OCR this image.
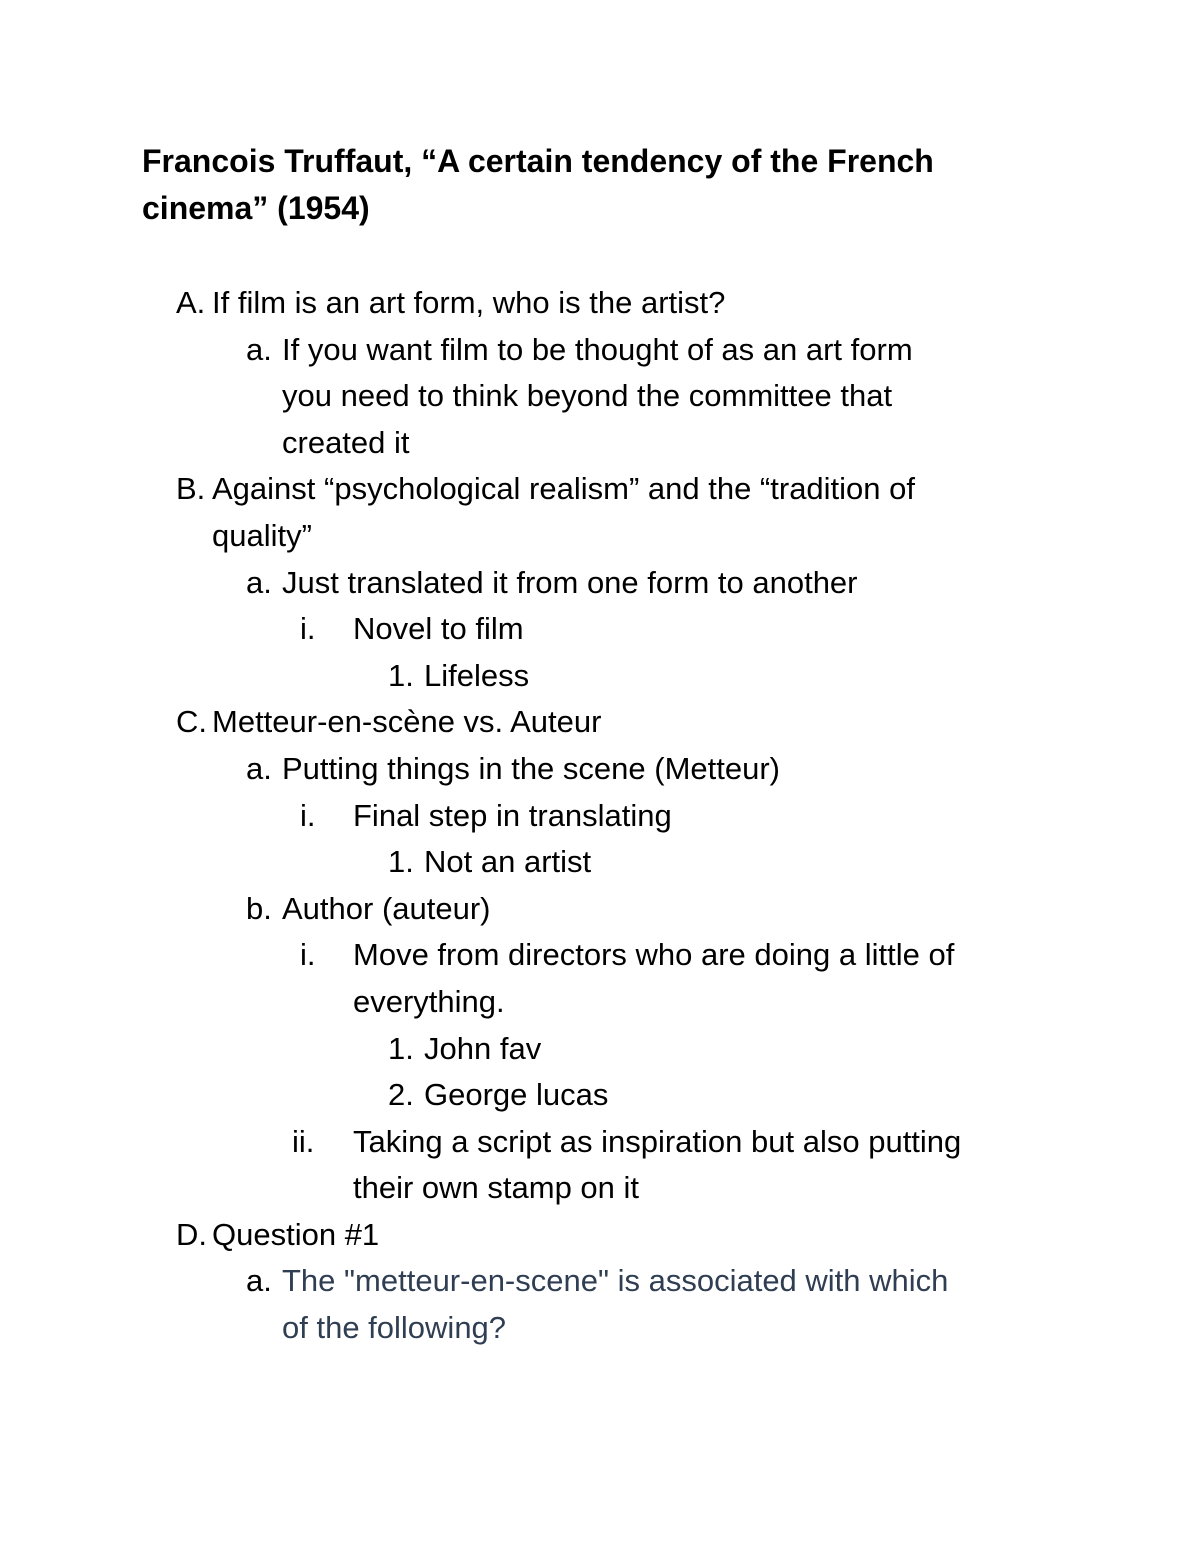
Francois Truffaut, “A certain tendency of the French
cinema” (1954)
A. If film is an art form, who is the artist?
a. If you want film to be thought of as an art form
you need to think beyond the committee that
created it
B. Against “psychological realism” and the “tradition of
quality”
a. Just translated it from one form to another
i. Novel to film
1. Lifeless
C. Metteur-en-scène vs. Auteur
a. Putting things in the scene (Metteur)
i. Final step in translating
1. Not an artist
b. Author (auteur)
i. Move from directors who are doing a little of
everything.
1. John fav
2. George lucas
ii. Taking a script as inspiration but also putting
their own stamp on it
D. Question #1
a. The "metteur-en-scene" is associated with which
of the following?
